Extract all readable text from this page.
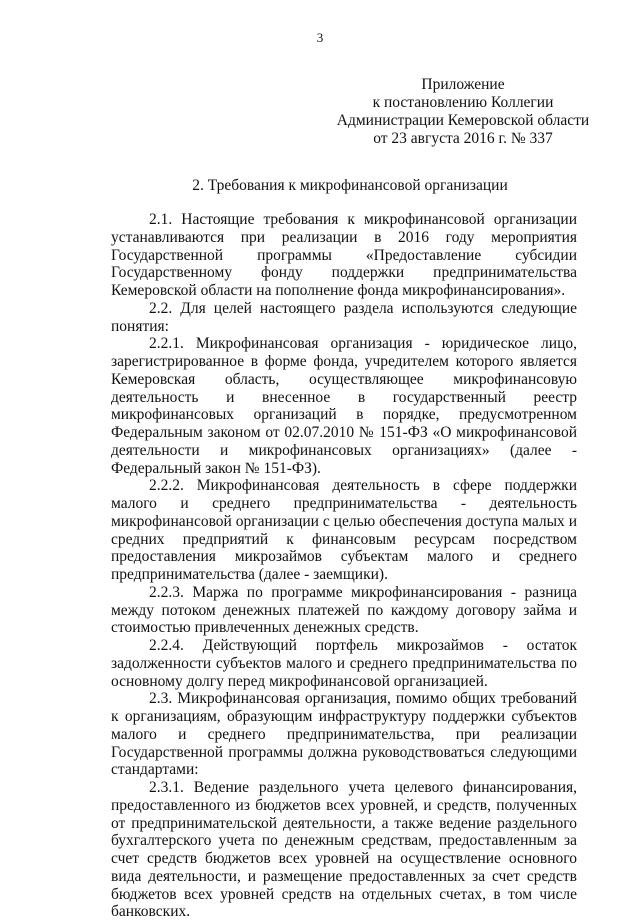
3
Приложение
к постановлению Коллегии
Администрации Кемеровской области
от 23 августа 2016 г. № 337
2. Требования к микрофинансовой организации

2.1. Настоящие требования к микрофинансовой организации устанавливаются при реализации в 2016 году мероприятия Государственной программы «Предоставление субсидии Государственному фонду поддержки предпринимательства Кемеровской области на пополнение фонда микрофинансирования».

2.2. Для целей настоящего раздела используются следующие понятия:

2.2.1. Микрофинансовая организация - юридическое лицо, зарегистрированное в форме фонда, учредителем которого является Кемеровская область, осуществляющее микрофинансовую деятельность и внесенное в государственный реестр микрофинансовых организаций в порядке, предусмотренном Федеральным законом от 02.07.2010 № 151-ФЗ «О микрофинансовой деятельности и микрофинансовых организациях» (далее - Федеральный закон № 151-ФЗ).

2.2.2. Микрофинансовая деятельность в сфере поддержки малого и среднего предпринимательства - деятельность микрофинансовой организации с целью обеспечения доступа малых и средних предприятий к финансовым ресурсам посредством предоставления микрозаймов субъектам малого и среднего предпринимательства (далее - заемщики).

2.2.3. Маржа по программе микрофинансирования - разница между потоком денежных платежей по каждому договору займа и стоимостью привлеченных денежных средств.

2.2.4. Действующий портфель микрозаймов - остаток задолженности субъектов малого и среднего предпринимательства по основному долгу перед микрофинансовой организацией.

2.3. Микрофинансовая организация, помимо общих требований к организациям, образующим инфраструктуру поддержки субъектов малого и среднего предпринимательства, при реализации Государственной программы должна руководствоваться следующими стандартами:

2.3.1. Ведение раздельного учета целевого финансирования, предоставленного из бюджетов всех уровней, и средств, полученных от предпринимательской деятельности, а также ведение раздельного бухгалтерского учета по денежным средствам, предоставленным за счет средств бюджетов всех уровней на осуществление основного вида деятельности, и размещение предоставленных за счет средств бюджетов всех уровней средств на отдельных счетах, в том числе банковских.
